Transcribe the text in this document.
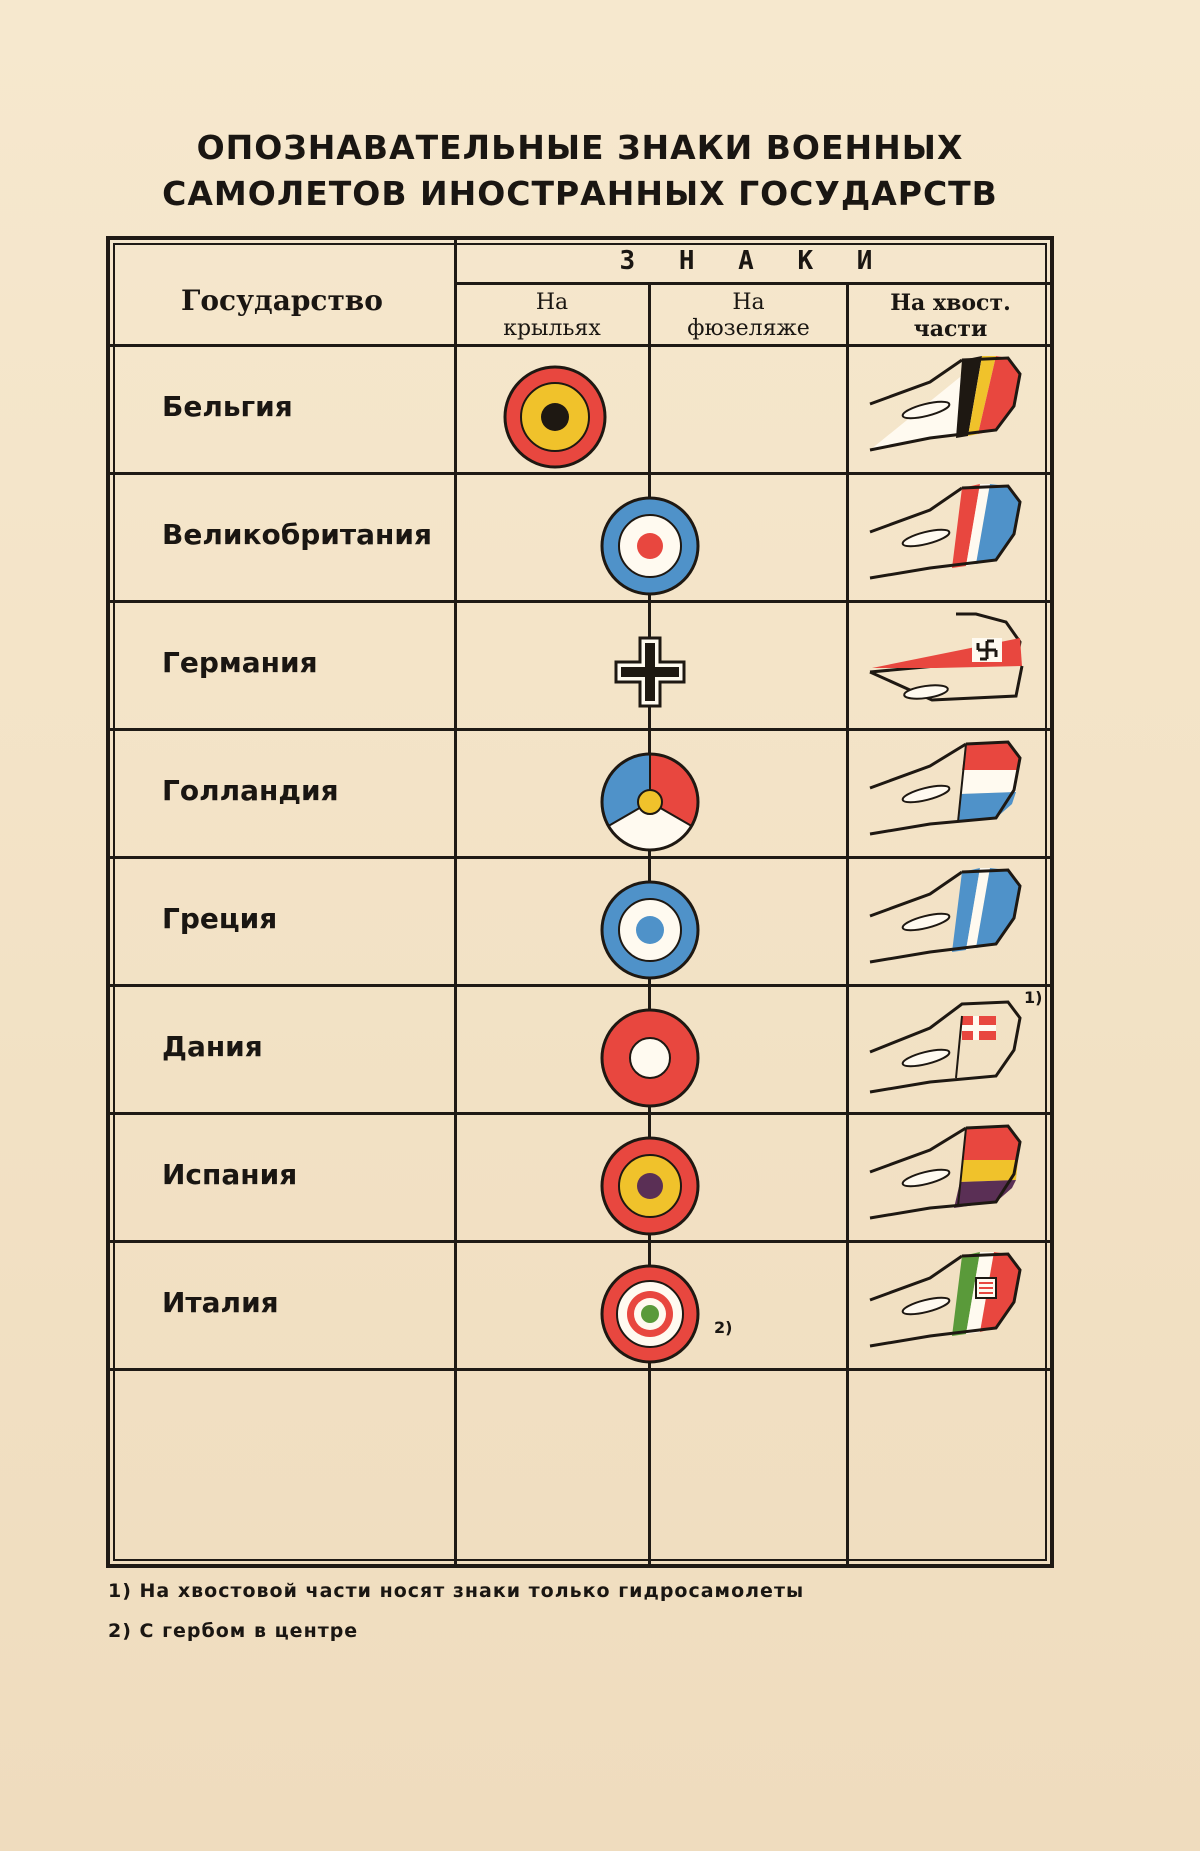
ОПОЗНАВАТЕЛЬНЫЕ ЗНАКИ ВОЕННЫХ
САМОЛЕТОВ ИНОСТРАННЫХ ГОСУДАРСТВ
Государство
З Н А К И
На
крыльях
На
фюзеляже
На хвост.
части
Бельгия
Великобритания
Германия
Голландия
Греция
Дания
Испания
Италия
2)
1)
1) На хвостовой части носят знаки только гидросамолеты
2) С гербом в центре
